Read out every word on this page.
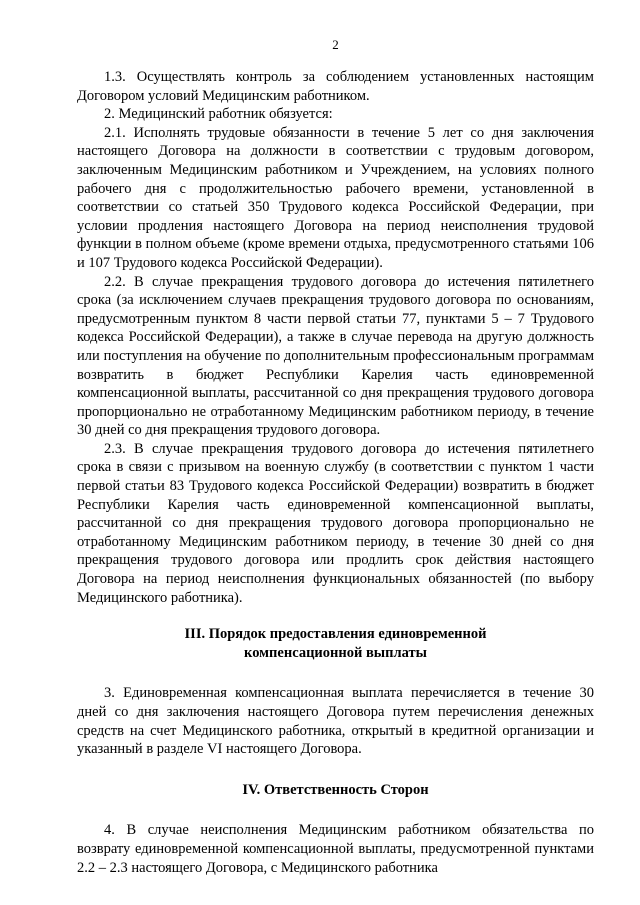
2

1.3. Осуществлять контроль за соблюдением установленных настоящим Договором условий Медицинским работником.

2. Медицинский работник обязуется:

2.1. Исполнять трудовые обязанности в течение 5 лет со дня заключения настоящего Договора на должности в соответствии с трудовым договором, заключенным Медицинским работником и Учреждением, на условиях полного рабочего дня с продолжительностью рабочего времени, установленной в соответствии со статьей 350 Трудового кодекса Российской Федерации, при условии продления настоящего Договора на период неисполнения трудовой функции в полном объеме (кроме времени отдыха, предусмотренного статьями 106 и 107 Трудового кодекса Российской Федерации).

2.2. В случае прекращения трудового договора до истечения пятилетнего срока (за исключением случаев прекращения трудового договора по основаниям, предусмотренным пунктом 8 части первой статьи 77, пунктами 5 – 7 Трудового кодекса Российской Федерации), а также в случае перевода на другую должность или поступления на обучение по дополнительным профессиональным программам возвратить в бюджет Республики Карелия часть единовременной компенсационной выплаты, рассчитанной со дня прекращения трудового договора пропорционально не отработанному Медицинским работником периоду, в течение 30 дней со дня прекращения трудового договора.

2.3. В случае прекращения трудового договора до истечения пятилетнего срока в связи с призывом на военную службу (в соответствии с пунктом 1 части первой статьи 83 Трудового кодекса Российской Федерации) возвратить в бюджет Республики Карелия часть единовременной компенсационной выплаты, рассчитанной со дня прекращения трудового договора пропорционально не отработанному Медицинским работником периоду, в течение 30 дней со дня прекращения трудового договора или продлить срок действия настоящего Договора на период неисполнения функциональных обязанностей (по выбору Медицинского работника).

III. Порядок предоставления единовременной

компенсационной выплаты

3. Единовременная компенсационная выплата перечисляется в течение 30 дней со дня заключения настоящего Договора путем перечисления денежных средств на счет Медицинского работника, открытый в кредитной организации и указанный в разделе VI настоящего Договора.

IV. Ответственность Сторон

4. В случае неисполнения Медицинским работником обязательства по возврату единовременной компенсационной выплаты, предусмотренной пунктами 2.2 – 2.3 настоящего Договора, с Медицинского работника
